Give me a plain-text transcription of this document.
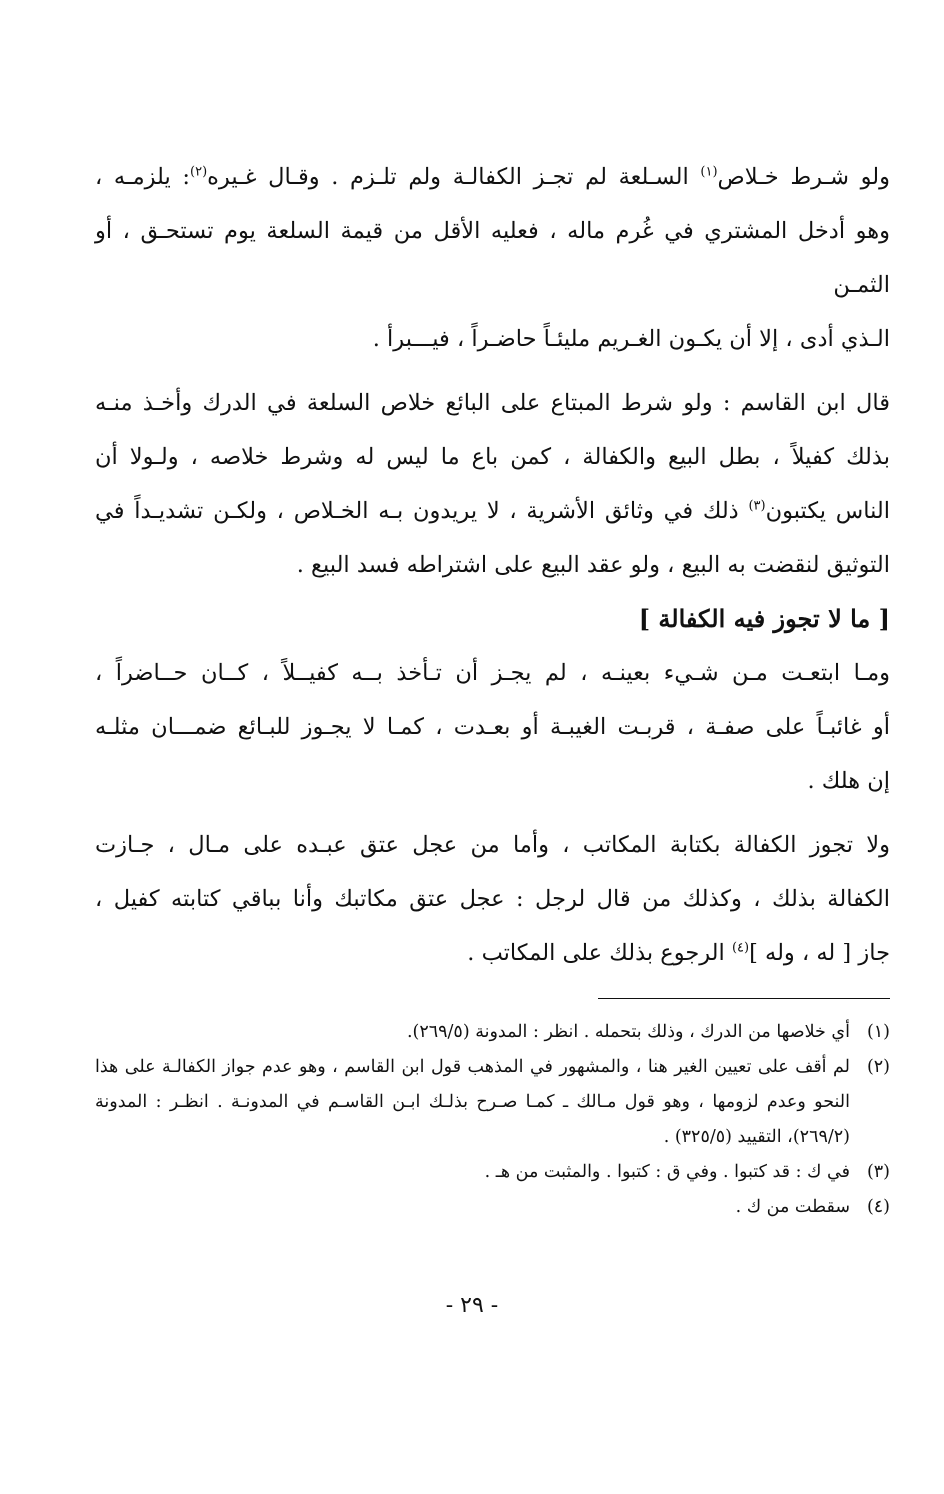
ولو شـرط خـلاص$^{(١)}$ السـلعة لم تجـز الكفالـة ولم تلـزم . وقـال غـيره$^{(٢)}$: يلزمـه ،
وهو أدخل المشتري في غُرم ماله ، فعليه الأقل من قيمة السلعة يوم تستحـق ، أو الثمـن
الـذي أدى ، إلا أن يكـون الغـريم مليئـاً حاضـراً ، فيـــبرأ .

قال ابن القاسم : ولو شرط المبتاع على البائع خلاص السلعة في الدرك وأخـذ منـه
بذلك كفيلاً ، بطل البيع والكفالة ، كمن باع ما ليس له وشرط خلاصه ، ولـولا أن
الناس يكتبون$^{(٣)}$ ذلك في وثائق الأشرية ، لا يريدون بـه الخـلاص ، ولكـن تشديـداً في
التوثيق لنقضت به البيع ، ولو عقد البيع على اشتراطه فسد البيع .

[ ما لا تجوز فيه الكفالة ]

ومـا ابتعـت مـن شـيء بعينـه ، لم يجـز أن تـأخذ بــه كفيــلاً ، كــان حــاضراً ،
أو غائبـاً على صفـة ، قربـت الغيبـة أو بعـدت ، كمـا لا يجـوز للبـائع ضمـــان مثلـه
إن هلك .

ولا تجوز الكفالة بكتابة المكاتب ، وأما من عجل عتق عبـده على مـال ، جـازت
الكفالة بذلك ، وكذلك من قال لرجل : عجل عتق مكاتبك وأنا بباقي كتابته كفيل ،
جاز [ له ، وله ]$^{(٤)}$ الرجوع بذلك على المكاتب .

(١)
أي خلاصها من الدرك ، وذلك بتحمله . انظر : المدونة (٢٦٩/٥).
(٢)
لم أقف على تعيين الغير هنا ، والمشهور في المذهب قول ابن القاسم ، وهو عدم جواز الكفالـة على هذا النحو وعدم لزومها ، وهو قول مـالك ـ كمـا صـرح بذلـك ابـن القاسـم في المدونـة . انظـر : المدونة (٢٦٩/٢)، التقييد (٣٢٥/٥) .
(٣)
في ك : قد كتبوا . وفي ق : كتبوا . والمثبت من هـ .
(٤)
سقطت من ك .
- ٢٩ -
